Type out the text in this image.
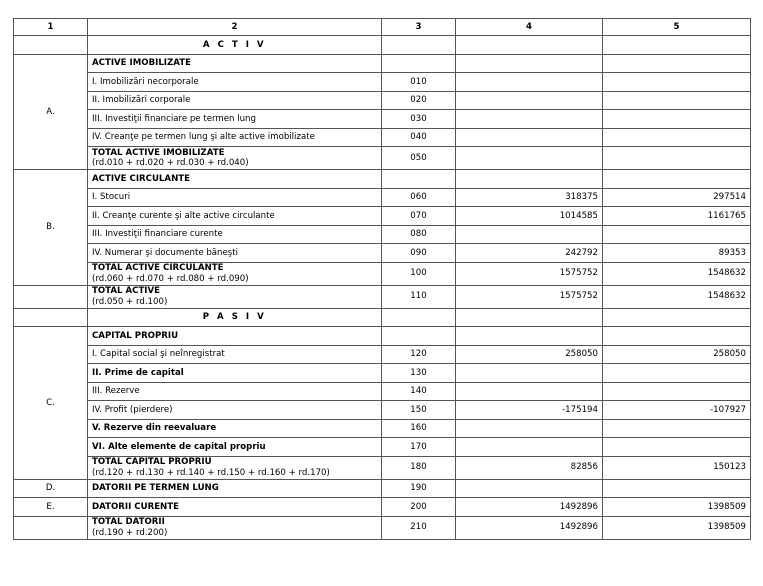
1	2	3	4	5
	A C T I V			
A.	ACTIVE IMOBILIZATE			
	I. Imobilizări necorporale	010		
	II. Imobilizări corporale	020		
	III. Investiţii financiare pe termen lung	030		
	IV. Creanţe pe termen lung şi alte active imobilizate	040		
	TOTAL ACTIVE IMOBILIZATE
(rd.010 + rd.020 + rd.030 + rd.040)	050		
B.	ACTIVE CIRCULANTE			
	I. Stocuri	060	318375	297514
	II. Creanţe curente şi alte active circulante	070	1014585	1161765
	III. Investiţii financiare curente	080		
	IV. Numerar şi documente băneşti	090	242792	89353
	TOTAL ACTIVE CIRCULANTE
(rd.060 + rd.070 + rd.080 + rd.090)	100	1575752	1548632
	TOTAL ACTIVE
(rd.050 + rd.100)	110	1575752	1548632
	P A S I V			
C.	CAPITAL PROPRIU			
	I. Capital social şi neînregistrat	120	258050	258050
	II. Prime de capital	130		
	III. Rezerve	140		
	IV. Profit (pierdere)	150	-175194	-107927
	V. Rezerve din reevaluare	160		
	VI. Alte elemente de capital propriu	170		
	TOTAL CAPITAL PROPRIU
(rd.120 + rd.130 + rd.140 + rd.150 + rd.160 + rd.170)	180	82856	150123
D.	DATORII PE TERMEN LUNG	190		
E.	DATORII CURENTE	200	1492896	1398509
	TOTAL DATORII
(rd.190 + rd.200)	210	1492896	1398509
